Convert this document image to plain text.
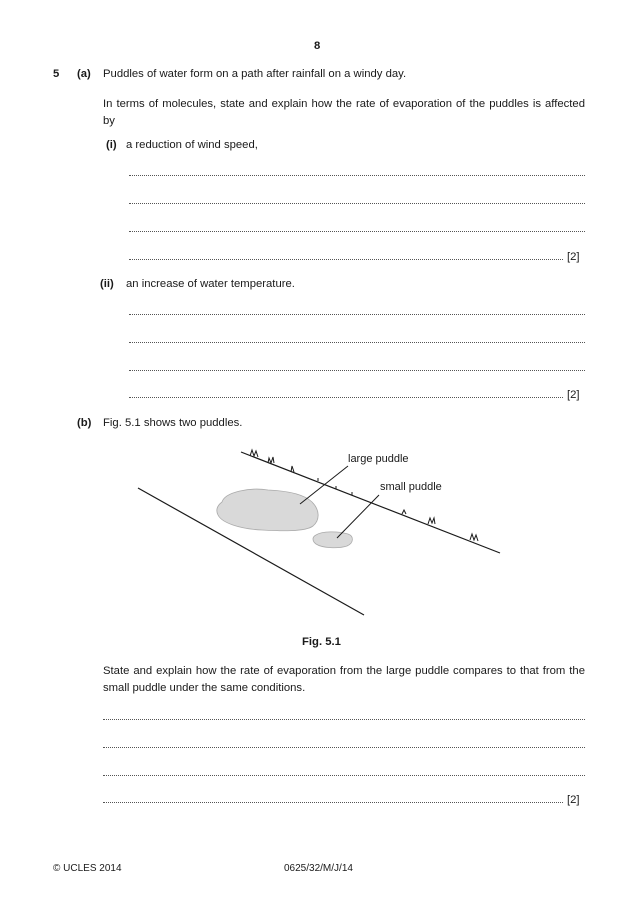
8
5 (a) Puddles of water form on a path after rainfall on a windy day.
In terms of molecules, state and explain how the rate of evaporation of the puddles is affected by
(i) a reduction of wind speed,
[2]
(ii) an increase of water temperature.
[2]
(b) Fig. 5.1 shows two puddles.
large puddle
small puddle
Fig. 5.1
State and explain how the rate of evaporation from the large puddle compares to that from the small puddle under the same conditions.
[2]
© UCLES 2014	0625/32/M/J/14
